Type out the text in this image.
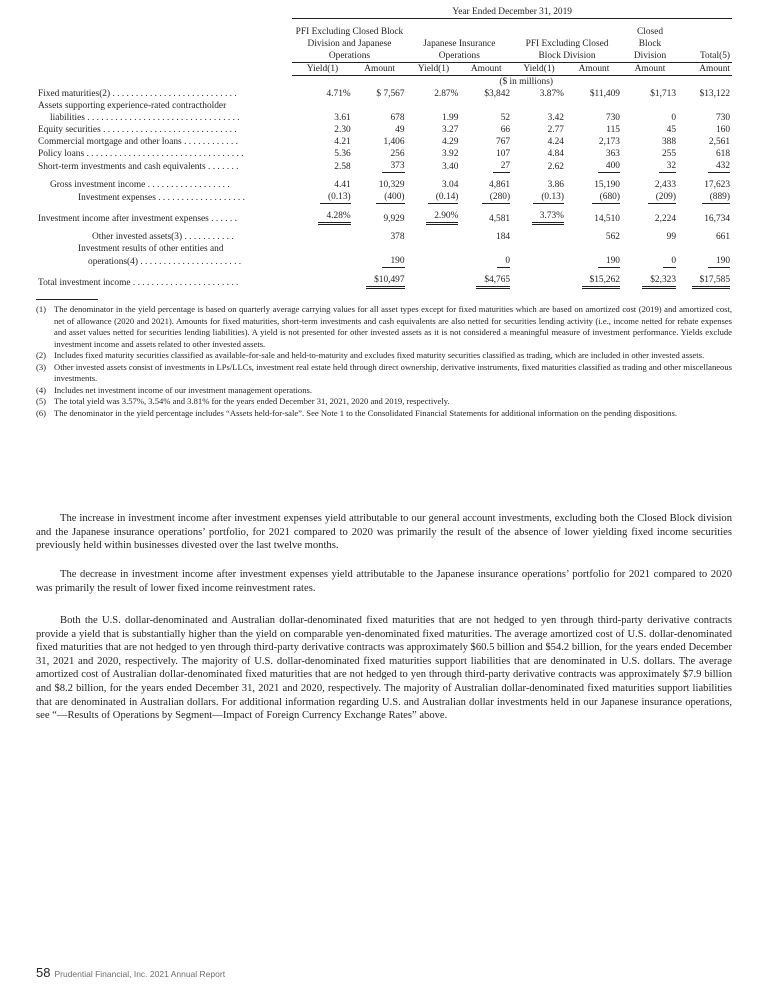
	Year Ended December 31, 2019							
	PFI Excluding Closed Block Division and Japanese Operations		Japanese Insurance Operations		PFI Excluding Closed Block Division		Closed Block Division	Total(5)
	Yield(1)	Amount	Yield(1)	Amount	Yield(1)	Amount	Amount	Amount
	($ in millions)							
Fixed maturities(2) . . . . . . . . . . . . . . . . . . . . . . . . . . .	4.71%	$ 7,567	2.87%	$3,842	3.87%	$11,409	$1,713	$13,122
Assets supporting experience-rated contractholder								
liabilities . . . . . . . . . . . . . . . . . . . . . . . . . . . . . . . . .	3.61	678	1.99	52	3.42	730	0	730
Equity securities . . . . . . . . . . . . . . . . . . . . . . . . . . . . .	2.30	49	3.27	66	2.77	115	45	160
Commercial mortgage and other loans . . . . . . . . . . . .	4.21	1,406	4.29	767	4.24	2,173	388	2,561
Policy loans . . . . . . . . . . . . . . . . . . . . . . . . . . . . . . . . . .	5.36	256	3.92	107	4.84	363	255	618
Short-term investments and cash equivalents . . . . . . .	2.58	373	3.40	27	2.62	400	32	432

Gross investment income . . . . . . . . . . . . . . . . . .	4.41	10,329	3.04	4,861	3.86	15,190	2,433	17,623
Investment expenses . . . . . . . . . . . . . . . . . . .	(0.13)	(400)	(0.14)	(280)	(0.13)	(680)	(209)	(889)

Investment income after investment expenses . . . . . .	4.28%	9,929	2.90%	4,581	3.73%	14,510	2,224	16,734

Other invested assets(3) . . . . . . . . . . .		378		184		562	99	661
Investment results of other entities and								
operations(4) . . . . . . . . . . . . . . . . . . . . . .		190		0		190	0	190

Total investment income . . . . . . . . . . . . . . . . . . . . . . .		$10,497		$4,765		$15,262	$2,323	$17,585
(1) The denominator in the yield percentage is based on quarterly average carrying values for all asset types except for fixed maturities which are based on amortized cost (2019) and amortized cost, net of allowance (2020 and 2021). Amounts for fixed maturities, short-term investments and cash equivalents are also netted for securities lending activity (i.e., income netted for rebate expenses and asset values netted for securities lending liabilities). A yield is not presented for other invested assets as it is not considered a meaningful measure of investment performance. Yields exclude investment income and assets related to other invested assets.
(2) Includes fixed maturity securities classified as available-for-sale and held-to-maturity and excludes fixed maturity securities classified as trading, which are included in other invested assets.
(3) Other invested assets consist of investments in LPs/LLCs, investment real estate held through direct ownership, derivative instruments, fixed maturities classified as trading and other miscellaneous investments.
(4) Includes net investment income of our investment management operations.
(5) The total yield was 3.57%, 3.54% and 3.81% for the years ended December 31, 2021, 2020 and 2019, respectively.
(6) The denominator in the yield percentage includes “Assets held-for-sale”. See Note 1 to the Consolidated Financial Statements for additional information on the pending dispositions.

The increase in investment income after investment expenses yield attributable to our general account investments, excluding both the Closed Block division and the Japanese insurance operations’ portfolio, for 2021 compared to 2020 was primarily the result of the absence of lower yielding fixed income securities previously held within businesses divested over the last twelve months.

The decrease in investment income after investment expenses yield attributable to the Japanese insurance operations’ portfolio for 2021 compared to 2020 was primarily the result of lower fixed income reinvestment rates.

Both the U.S. dollar-denominated and Australian dollar-denominated fixed maturities that are not hedged to yen through third-party derivative contracts provide a yield that is substantially higher than the yield on comparable yen-denominated fixed maturities. The average amortized cost of U.S. dollar-denominated fixed maturities that are not hedged to yen through third-party derivative contracts was approximately $60.5 billion and $54.2 billion, for the years ended December 31, 2021 and 2020, respectively. The majority of U.S. dollar-denominated fixed maturities support liabilities that are denominated in U.S. dollars. The average amortized cost of Australian dollar-denominated fixed maturities that are not hedged to yen through third-party derivative contracts was approximately $7.9 billion and $8.2 billion, for the years ended December 31, 2021 and 2020, respectively. The majority of Australian dollar-denominated fixed maturities support liabilities that are denominated in Australian dollars. For additional information regarding U.S. and Australian dollar investments held in our Japanese insurance operations, see “—Results of Operations by Segment—Impact of Foreign Currency Exchange Rates” above.

58 Prudential Financial, Inc. 2021 Annual Report
